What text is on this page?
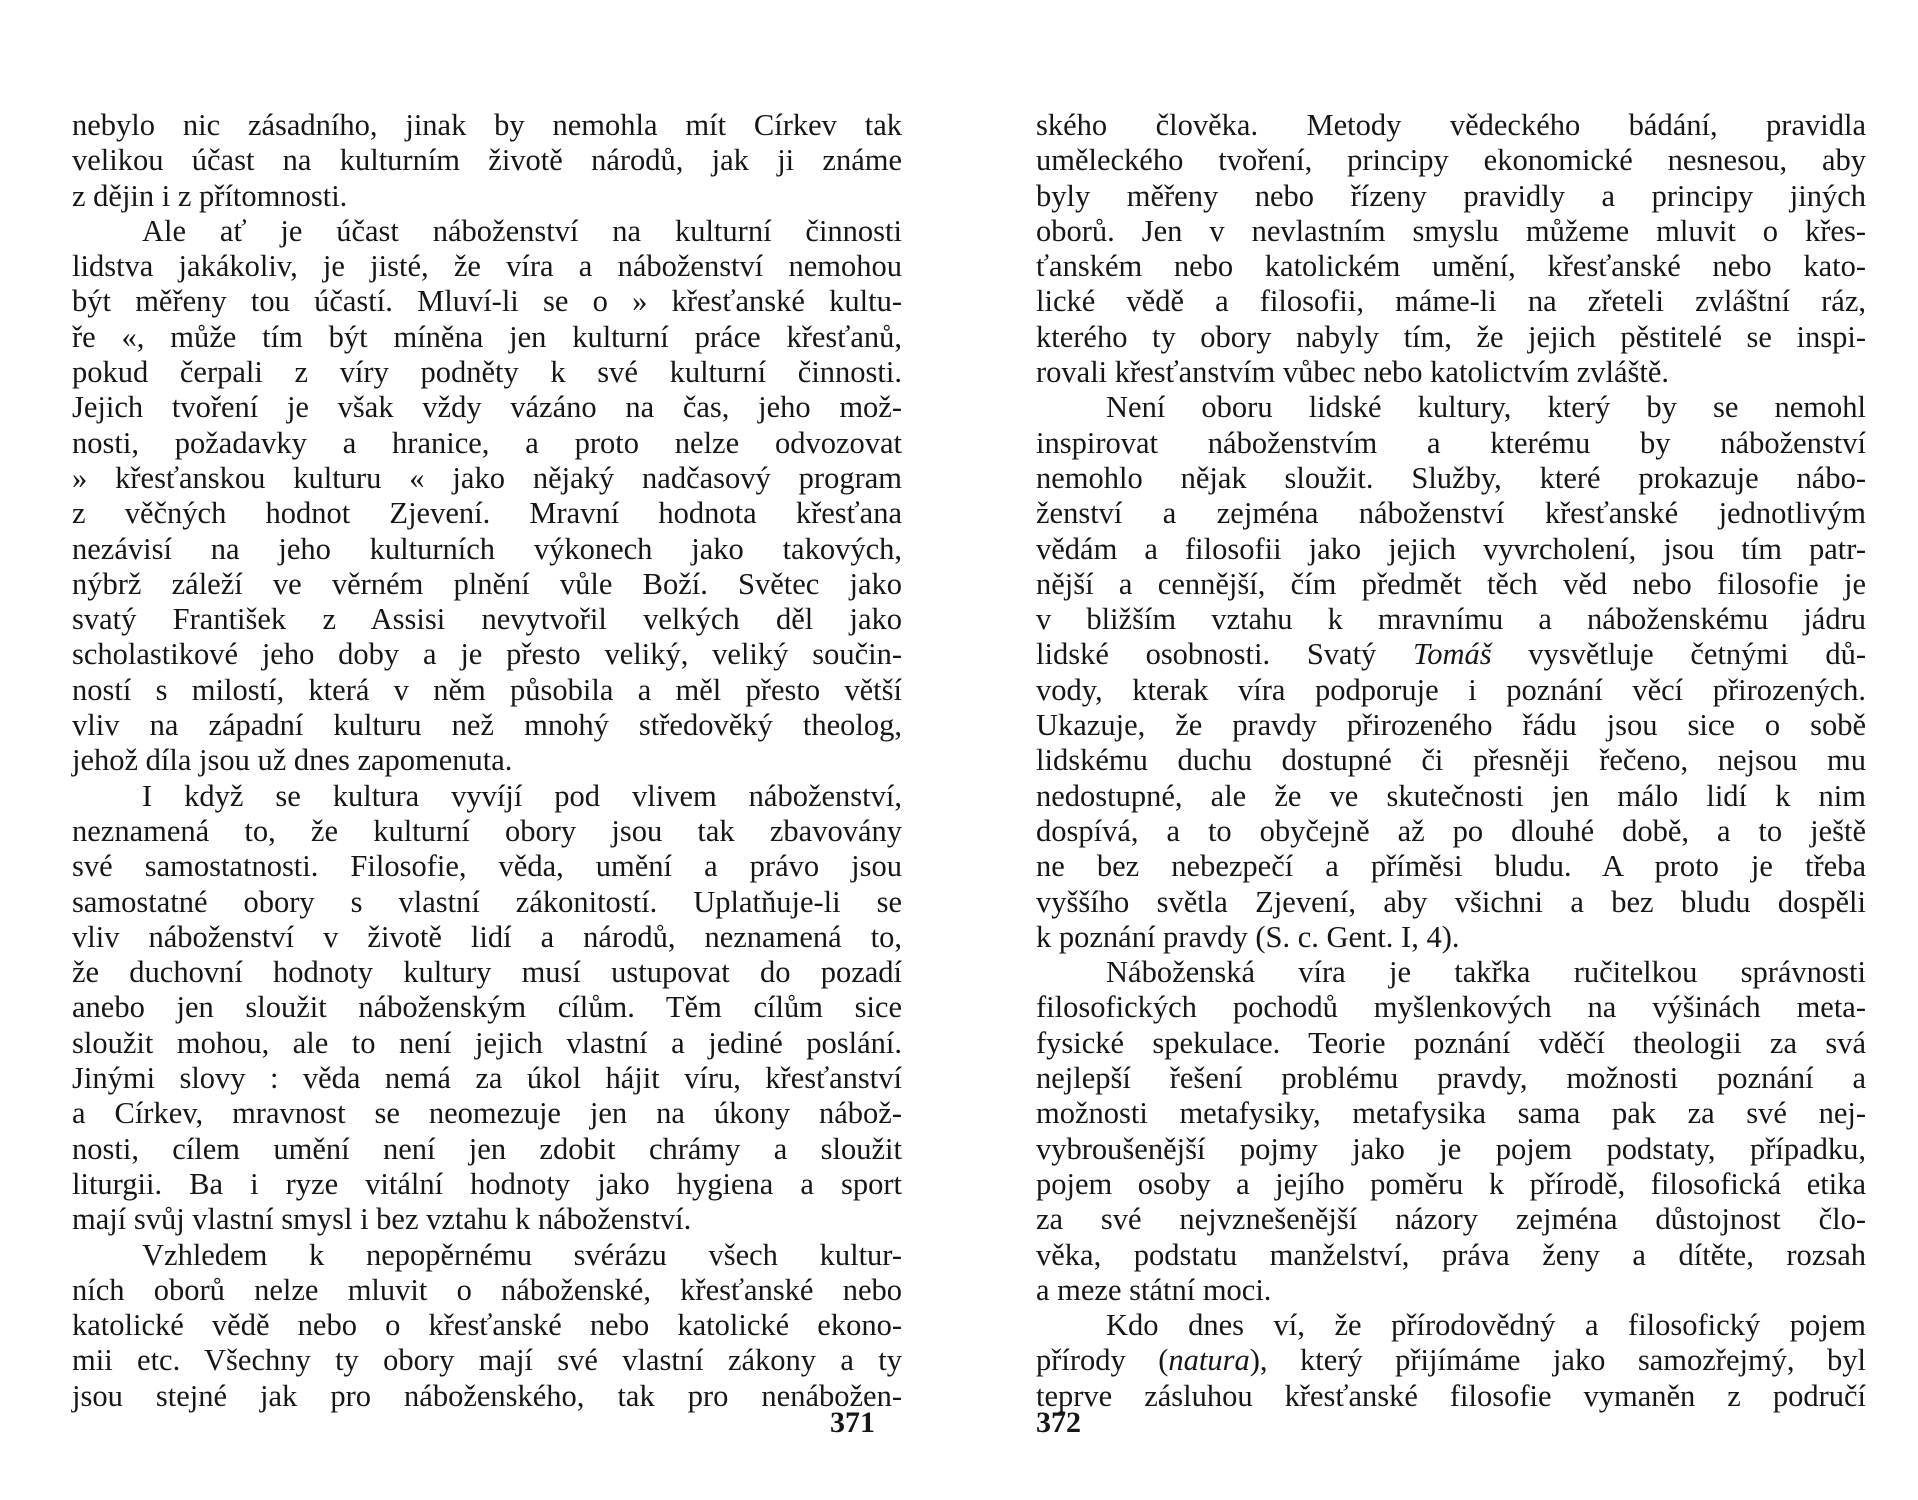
nebylo nic zásadního, jinak by nemohla mít Církev tak
velikou účast na kulturním životě národů, jak ji známe
z dějin i z přítomnosti.
Ale ať je účast náboženství na kulturní činnosti
lidstva jakákoliv, je jisté, že víra a náboženství nemohou
být měřeny tou účastí. Mluví-li se o » křesťanské kultu-
ře «, může tím být míněna jen kulturní práce křesťanů,
pokud čerpali z víry podněty k své kulturní činnosti.
Jejich tvoření je však vždy vázáno na čas, jeho mož-
nosti, požadavky a hranice, a proto nelze odvozovat
» křesťanskou kulturu « jako nějaký nadčasový program
z věčných hodnot Zjevení. Mravní hodnota křesťana
nezávisí na jeho kulturních výkonech jako takových,
nýbrž záleží ve věrném plnění vůle Boží. Světec jako
svatý František z Assisi nevytvořil velkých děl jako
scholastikové jeho doby a je přesto veliký, veliký součin-
ností s milostí, která v něm působila a měl přesto větší
vliv na západní kulturu než mnohý středověký theolog,
jehož díla jsou už dnes zapomenuta.
I když se kultura vyvíjí pod vlivem náboženství,
neznamená to, že kulturní obory jsou tak zbavovány
své samostatnosti. Filosofie, věda, umění a právo jsou
samostatné obory s vlastní zákonitostí. Uplatňuje-li se
vliv náboženství v životě lidí a národů, neznamená to,
že duchovní hodnoty kultury musí ustupovat do pozadí
anebo jen sloužit náboženským cílům. Těm cílům sice
sloužit mohou, ale to není jejich vlastní a jediné poslání.
Jinými slovy : věda nemá za úkol hájit víru, křesťanství
a Církev, mravnost se neomezuje jen na úkony nábož-
nosti, cílem umění není jen zdobit chrámy a sloužit
liturgii. Ba i ryze vitální hodnoty jako hygiena a sport
mají svůj vlastní smysl i bez vztahu k náboženství.
Vzhledem k nepopěrnému svérázu všech kultur-
ních oborů nelze mluvit o náboženské, křesťanské nebo
katolické vědě nebo o křesťanské nebo katolické ekono-
mii etc. Všechny ty obory mají své vlastní zákony a ty
jsou stejné jak pro náboženského, tak pro nenábožen-
371
ského člověka. Metody vědeckého bádání, pravidla
uměleckého tvoření, principy ekonomické nesnesou, aby
byly měřeny nebo řízeny pravidly a principy jiných
oborů. Jen v nevlastním smyslu můžeme mluvit o křes-
ťanském nebo katolickém umění, křesťanské nebo kato-
lické vědě a filosofii, máme-li na zřeteli zvláštní ráz,
kterého ty obory nabyly tím, že jejich pěstitelé se inspi-
rovali křesťanstvím vůbec nebo katolictvím zvláště.
Není oboru lidské kultury, který by se nemohl
inspirovat náboženstvím a kterému by náboženství
nemohlo nějak sloužit. Služby, které prokazuje nábo-
ženství a zejména náboženství křesťanské jednotlivým
vědám a filosofii jako jejich vyvrcholení, jsou tím patr-
nější a cennější, čím předmět těch věd nebo filosofie je
v bližším vztahu k mravnímu a náboženskému jádru
lidské osobnosti. Svatý Tomáš vysvětluje četnými dů-
vody, kterak víra podporuje i poznání věcí přirozených.
Ukazuje, že pravdy přirozeného řádu jsou sice o sobě
lidskému duchu dostupné či přesněji řečeno, nejsou mu
nedostupné, ale že ve skutečnosti jen málo lidí k nim
dospívá, a to obyčejně až po dlouhé době, a to ještě
ne bez nebezpečí a příměsi bludu. A proto je třeba
vyššího světla Zjevení, aby všichni a bez bludu dospěli
k poznání pravdy (S. c. Gent. I, 4).
Náboženská víra je takřka ručitelkou správnosti
filosofických pochodů myšlenkových na výšinách meta-
fysické spekulace. Teorie poznání vděčí theologii za svá
nejlepší řešení problému pravdy, možnosti poznání a
možnosti metafysiky, metafysika sama pak za své nej-
vybroušenější pojmy jako je pojem podstaty, případku,
pojem osoby a jejího poměru k přírodě, filosofická etika
za své nejvznešenější názory zejména důstojnost člo-
věka, podstatu manželství, práva ženy a dítěte, rozsah
a meze státní moci.
Kdo dnes ví, že přírodovědný a filosofický pojem
přírody (natura), který přijímáme jako samozřejmý, byl
teprve zásluhou křesťanské filosofie vymaněn z područí
372
